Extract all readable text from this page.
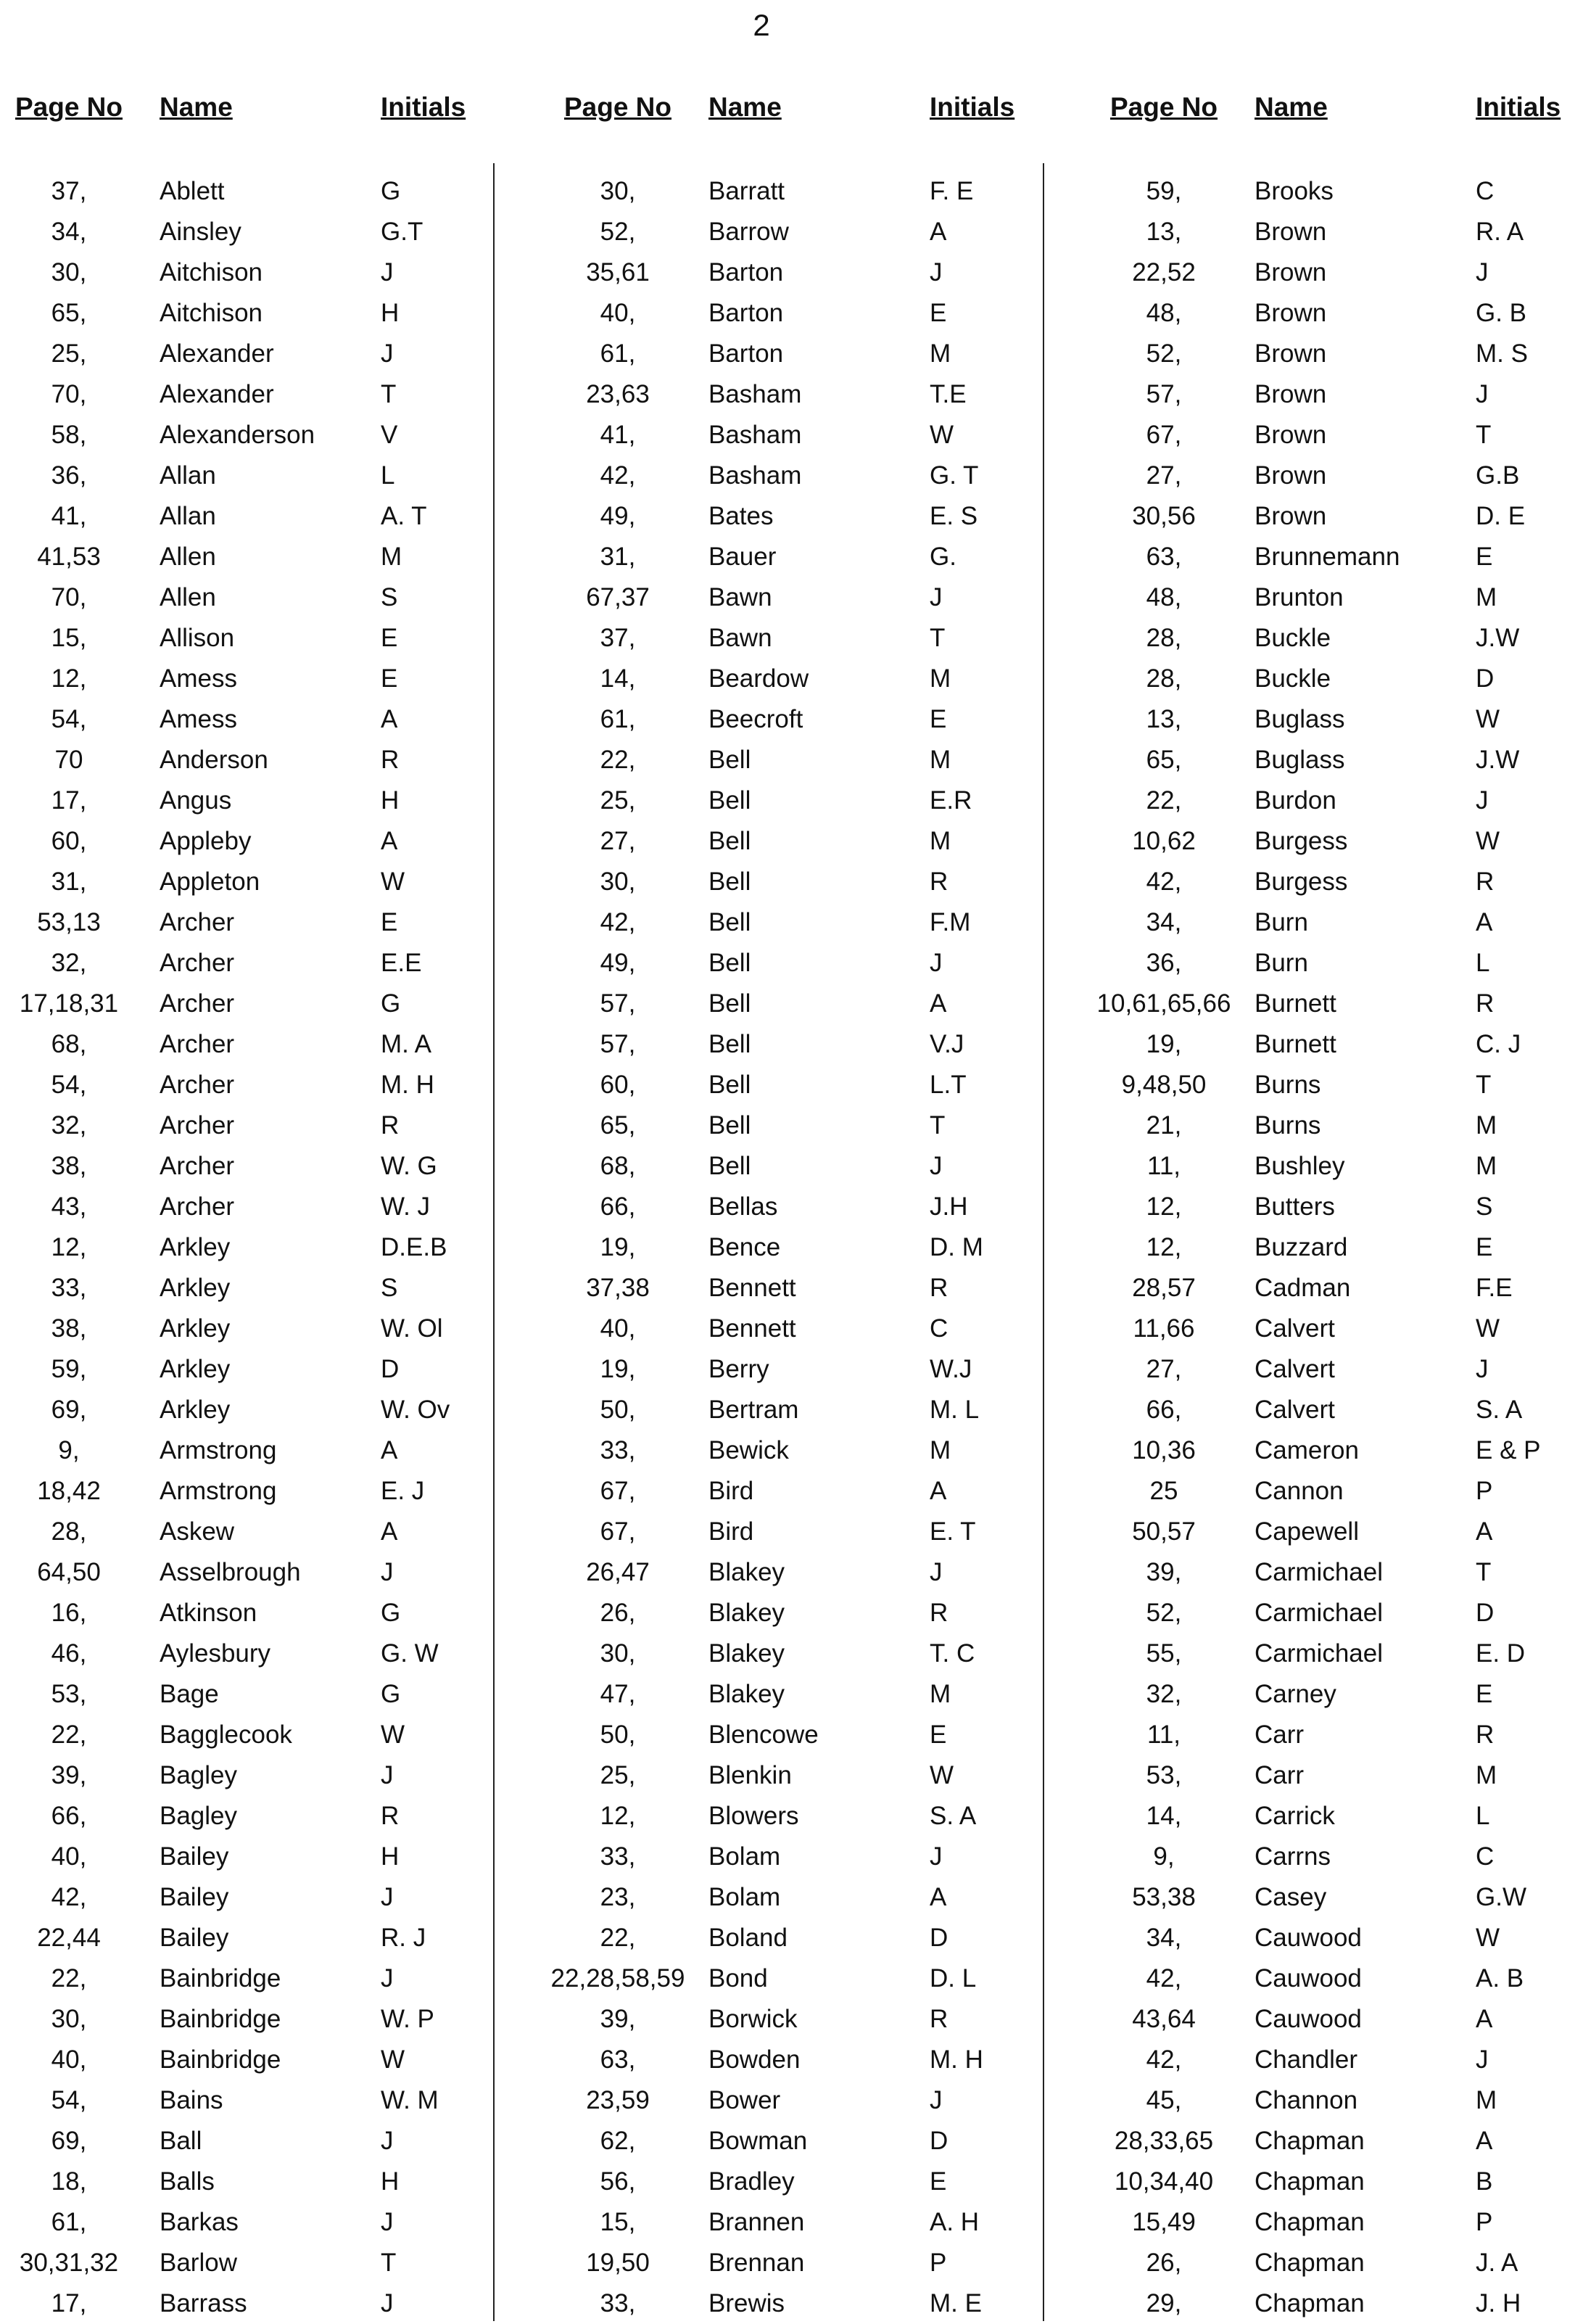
2
Page No	Name	Initials
37,	Ablett	G
34,	Ainsley	G.T
30,	Aitchison	J
65,	Aitchison	H
25,	Alexander	J
70,	Alexander	T
58,	Alexanderson	V
36,	Allan	L
41,	Allan	A. T
41,53	Allen	M
70,	Allen	S
15,	Allison	E
12,	Amess	E
54,	Amess	A
70	Anderson	R
17,	Angus	H
60,	Appleby	A
31,	Appleton	W
53,13	Archer	E
32,	Archer	E.E
17,18,31	Archer	G
68,	Archer	M. A
54,	Archer	M. H
32,	Archer	R
38,	Archer	W. G
43,	Archer	W. J
12,	Arkley	D.E.B
33,	Arkley	S
38,	Arkley	W. Ol
59,	Arkley	D
69,	Arkley	W. Ov
9,	Armstrong	A
18,42	Armstrong	E. J
28,	Askew	A
64,50	Asselbrough	J
16,	Atkinson	G
46,	Aylesbury	G. W
53,	Bage	G
22,	Bagglecook	W
39,	Bagley	J
66,	Bagley	R
40,	Bailey	H
42,	Bailey	J
22,44	Bailey	R. J
22,	Bainbridge	J
30,	Bainbridge	W. P
40,	Bainbridge	W
54,	Bains	W. M
69,	Ball	J
18,	Balls	H
61,	Barkas	J
30,31,32	Barlow	T
17,	Barrass	J
Page No	Name	Initials
30,	Barratt	F. E
52,	Barrow	A
35,61	Barton	J
40,	Barton	E
61,	Barton	M
23,63	Basham	T.E
41,	Basham	W
42,	Basham	G. T
49,	Bates	E. S
31,	Bauer	G.
67,37	Bawn	J
37,	Bawn	T
14,	Beardow	M
61,	Beecroft	E
22,	Bell	M
25,	Bell	E.R
27,	Bell	M
30,	Bell	R
42,	Bell	F.M
49,	Bell	J
57,	Bell	A
57,	Bell	V.J
60,	Bell	L.T
65,	Bell	T
68,	Bell	J
66,	Bellas	J.H
19,	Bence	D. M
37,38	Bennett	R
40,	Bennett	C
19,	Berry	W.J
50,	Bertram	M. L
33,	Bewick	M
67,	Bird	A
67,	Bird	E. T
26,47	Blakey	J
26,	Blakey	R
30,	Blakey	T. C
47,	Blakey	M
50,	Blencowe	E
25,	Blenkin	W
12,	Blowers	S. A
33,	Bolam	J
23,	Bolam	A
22,	Boland	D
22,28,58,59 Bond	D. L
39,	Borwick	R
63,	Bowden	M. H
23,59	Bower	J
62,	Bowman	D
56,	Bradley	E
15,	Brannen	A. H
19,50	Brennan	P
33,	Brewis	M. E
Page No	Name	Initials
59,	Brooks	C
13,	Brown	R. A
22,52	Brown	J
48,	Brown	G. B
52,	Brown	M. S
57,	Brown	J
67,	Brown	T
27,	Brown	G.B
30,56	Brown	D. E
63,	Brunnemann	E
48,	Brunton	M
28,	Buckle	J.W
28,	Buckle	D
13,	Buglass	W
65,	Buglass	J.W
22,	Burdon	J
10,62	Burgess	W
42,	Burgess	R
34,	Burn	A
36,	Burn	L
10,61,65,66 Burnett	R
19,	Burnett	C. J
9,48,50	Burns	T
21,	Burns	M
11,	Bushley	M
12,	Butters	S
12,	Buzzard	E
28,57	Cadman	F.E
11,66	Calvert	W
27,	Calvert	J
66,	Calvert	S. A
10,36	Cameron	E & P
25	Cannon	P
50,57	Capewell	A
39,	Carmichael	T
52,	Carmichael	D
55,	Carmichael	E. D
32,	Carney	E
11,	Carr	R
53,	Carr	M
14,	Carrick	L
9,	Carrns	C
53,38	Casey	G.W
34,	Cauwood	W
42,	Cauwood	A. B
43,64	Cauwood	A
42,	Chandler	J
45,	Channon	M
28,33,65	Chapman	A
10,34,40	Chapman	B
15,49	Chapman	P
26,	Chapman	J. A
29,	Chapman	J. H
